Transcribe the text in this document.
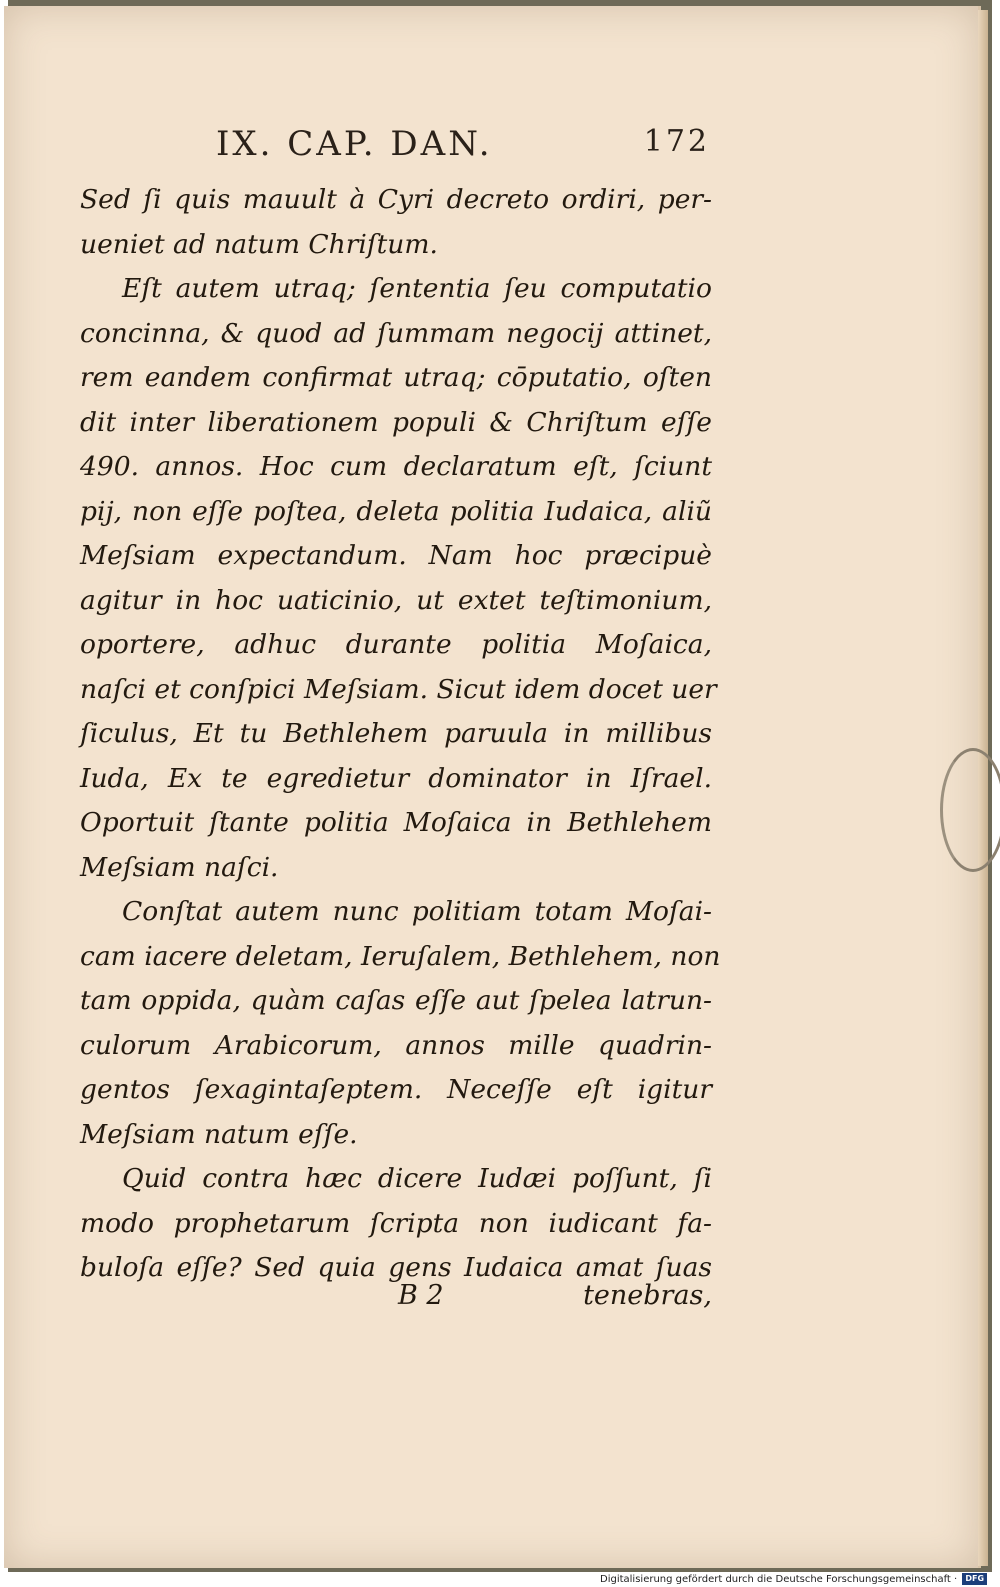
IX. CAP. DAN.	172
Sed ſi quis mauult à Cyri decreto ordiri, per-
ueniet ad natum Chriſtum.
Eſt autem utraq; ſententia ſeu computatio
concinna, & quod ad ſummam negocij attinet,
rem eandem confirmat utraq; cōputatio, oſten
dit inter liberationem populi & Chriſtum eſſe
490. annos. Hoc cum declaratum eſt, ſciunt
pij, non eſſe poſtea, deleta politia Iudaica, aliũ
Meſsiam expectandum. Nam hoc præcipuè
agitur in hoc uaticinio, ut extet teſtimonium,
oportere, adhuc durante politia Moſaica,
naſci et conſpici Meſsiam. Sicut idem docet uer
ſiculus, Et tu Bethlehem paruula in millibus
Iuda, Ex te egredietur dominator in Iſrael.
Oportuit ſtante politia Moſaica in Bethlehem
Meſsiam naſci.
Conſtat autem nunc politiam totam Moſai-
cam iacere deletam, Ieruſalem, Bethlehem, non
tam oppida, quàm caſas eſſe aut ſpelea latrun-
culorum Arabicorum, annos mille quadrin-
gentos ſexagintaſeptem. Neceſſe eſt igitur
Meſsiam natum eſſe.
Quid contra hæc dicere Iudæi poſſunt, ſi
modo prophetarum ſcripta non iudicant fa-
buloſa eſſe? Sed quia gens Iudaica amat ſuas
B 2	tenebras,
Digitalisierung gefördert durch die Deutsche Forschungsgemeinschaft · DFG
